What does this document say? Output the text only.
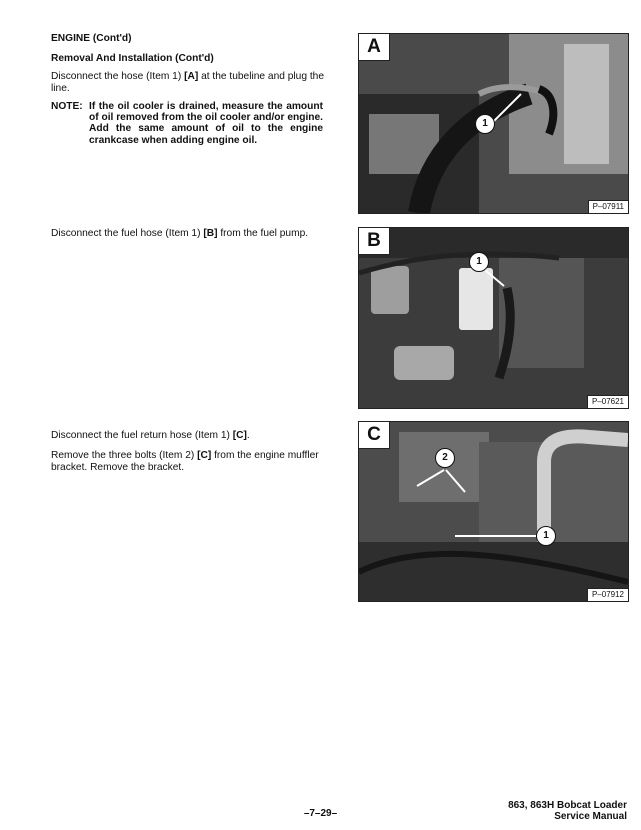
ENGINE (Cont'd)
Removal And Installation (Cont'd)
Disconnect the hose (Item 1) [A] at the tubeline and plug the line.
NOTE: If the oil cooler is drained, measure the amount of oil removed from the oil cooler and/or engine. Add the same amount of oil to the engine crankcase when adding engine oil.
Disconnect the fuel hose (Item 1) [B] from the fuel pump.
Disconnect the fuel return hose (Item 1) [C].
Remove the three bolts (Item 2) [C] from the engine muffler bracket. Remove the bracket.
A
1
P–07911
B
1
P–07621
C
2
1
P–07912
–7–29–
863, 863H Bobcat Loader
Service Manual
